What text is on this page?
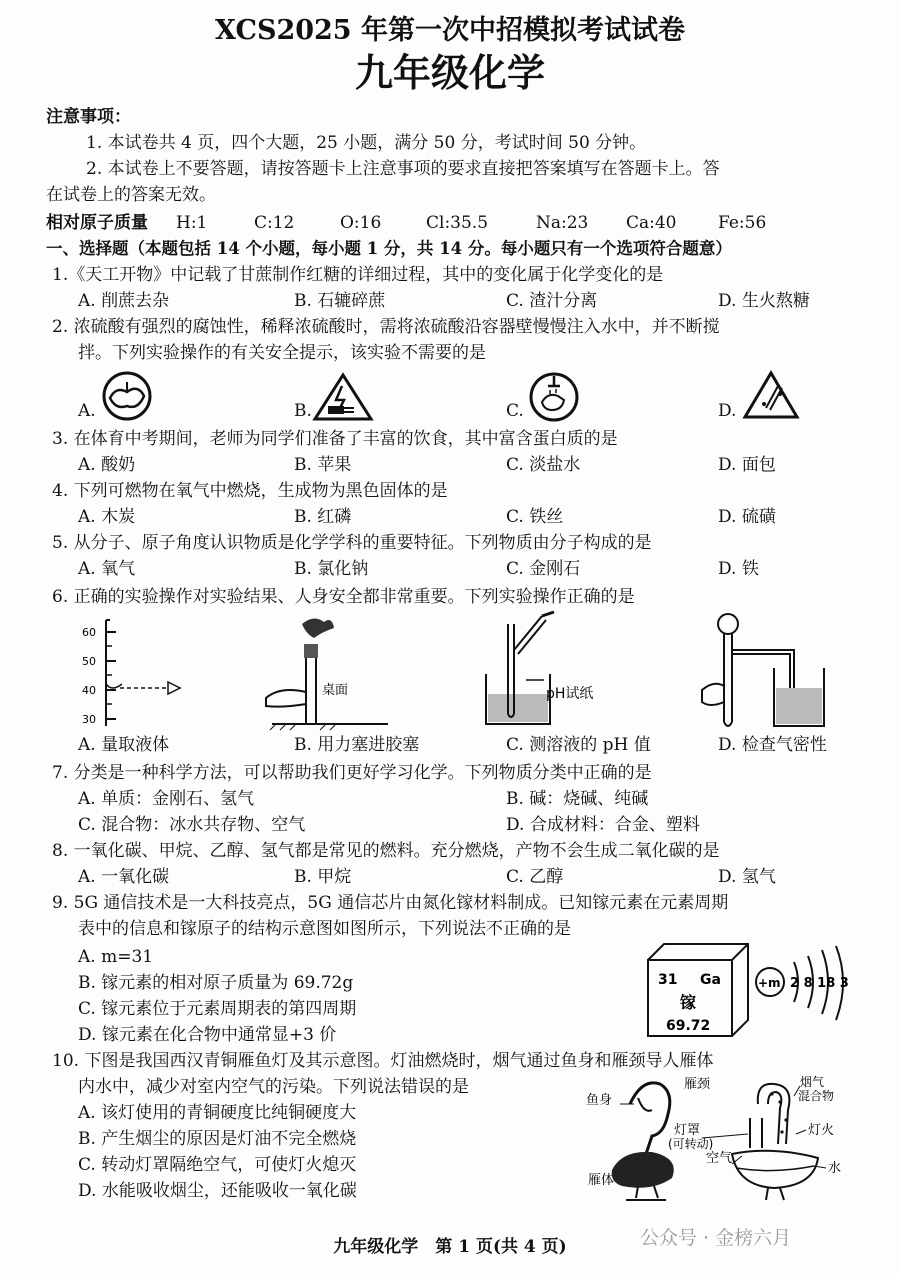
XCS2025 年第一次中招模拟考试试卷
九年级化学
注意事项：
1. 本试卷共 4 页，四个大题，25 小题，满分 50 分，考试时间 50 分钟。
2. 本试卷上不要答题，请按答题卡上注意事项的要求直接把答案填写在答题卡上。答
在试卷上的答案无效。
相对原子质量 H:1	C:12	O:16	Cl:35.5	Na:23 Ca:40 Fe:56
一、选择题（本题包括 14 个小题，每小题 1 分，共 14 分。每小题只有一个选项符合题意）
1.《天工开物》中记载了甘蔗制作红糖的详细过程，其中的变化属于化学变化的是
A. 削蔗去杂	B. 石辘碎蔗	C. 渣汁分离	D. 生火熬糖
2. 浓硫酸有强烈的腐蚀性，稀释浓硫酸时，需将浓硫酸沿容器壁慢慢注入水中，并不断搅
拌。下列实验操作的有关安全提示，该实验不需要的是
A.	B.	C.	D.
3. 在体育中考期间，老师为同学们准备了丰富的饮食，其中富含蛋白质的是
A. 酸奶	B. 苹果	C. 淡盐水	D. 面包
4. 下列可燃物在氧气中燃烧，生成物为黑色固体的是
A. 木炭	B. 红磷	C. 铁丝	D. 硫磺
5. 从分子、原子角度认识物质是化学学科的重要特征。下列物质由分子构成的是
A. 氧气	B. 氯化钠	C. 金刚石	D. 铁
6. 正确的实验操作对实验结果、人身安全都非常重要。下列实验操作正确的是
60
50
40
30
桌面	pH试纸
A. 量取液体	B. 用力塞进胶塞	C. 测溶液的 pH 值	D. 检查气密性
7. 分类是一种科学方法，可以帮助我们更好学习化学。下列物质分类中正确的是
A. 单质：金刚石、氢气	B. 碱：烧碱、纯碱
C. 混合物：冰水共存物、空气	D. 合成材料：合金、塑料
8. 一氧化碳、甲烷、乙醇、氢气都是常见的燃料。充分燃烧，产物不会生成二氧化碳的是
A. 一氧化碳	B. 甲烷	C. 乙醇	D. 氢气
9. 5G 通信技术是一大科技亮点，5G 通信芯片由氮化镓材料制成。已知镓元素在元素周期
表中的信息和镓原子的结构示意图如图所示，下列说法不正确的是
A. m=31
B. 镓元素的相对原子质量为 69.72g
C. 镓元素位于元素周期表的第四周期
D. 镓元素在化合物中通常显+3 价
31 Ga
镓
69.72
+m 2 8 18 3
10. 下图是我国西汉青铜雁鱼灯及其示意图。灯油燃烧时，烟气通过鱼身和雁颈导人雁体
内水中，减少对室内空气的污染。下列说法错误的是
A. 该灯使用的青铜硬度比纯铜硬度大
B. 产生烟尘的原因是灯油不完全燃烧
C. 转动灯罩隔绝空气，可使灯火熄灭
D. 水能吸收烟尘，还能吸收一氧化碳
鱼身
雁颈
灯罩
(可转动)
空气
雁体
烟气
混合物
灯火
水
九年级化学　第 1 页(共 4 页)	公众号 · 金榜六月
